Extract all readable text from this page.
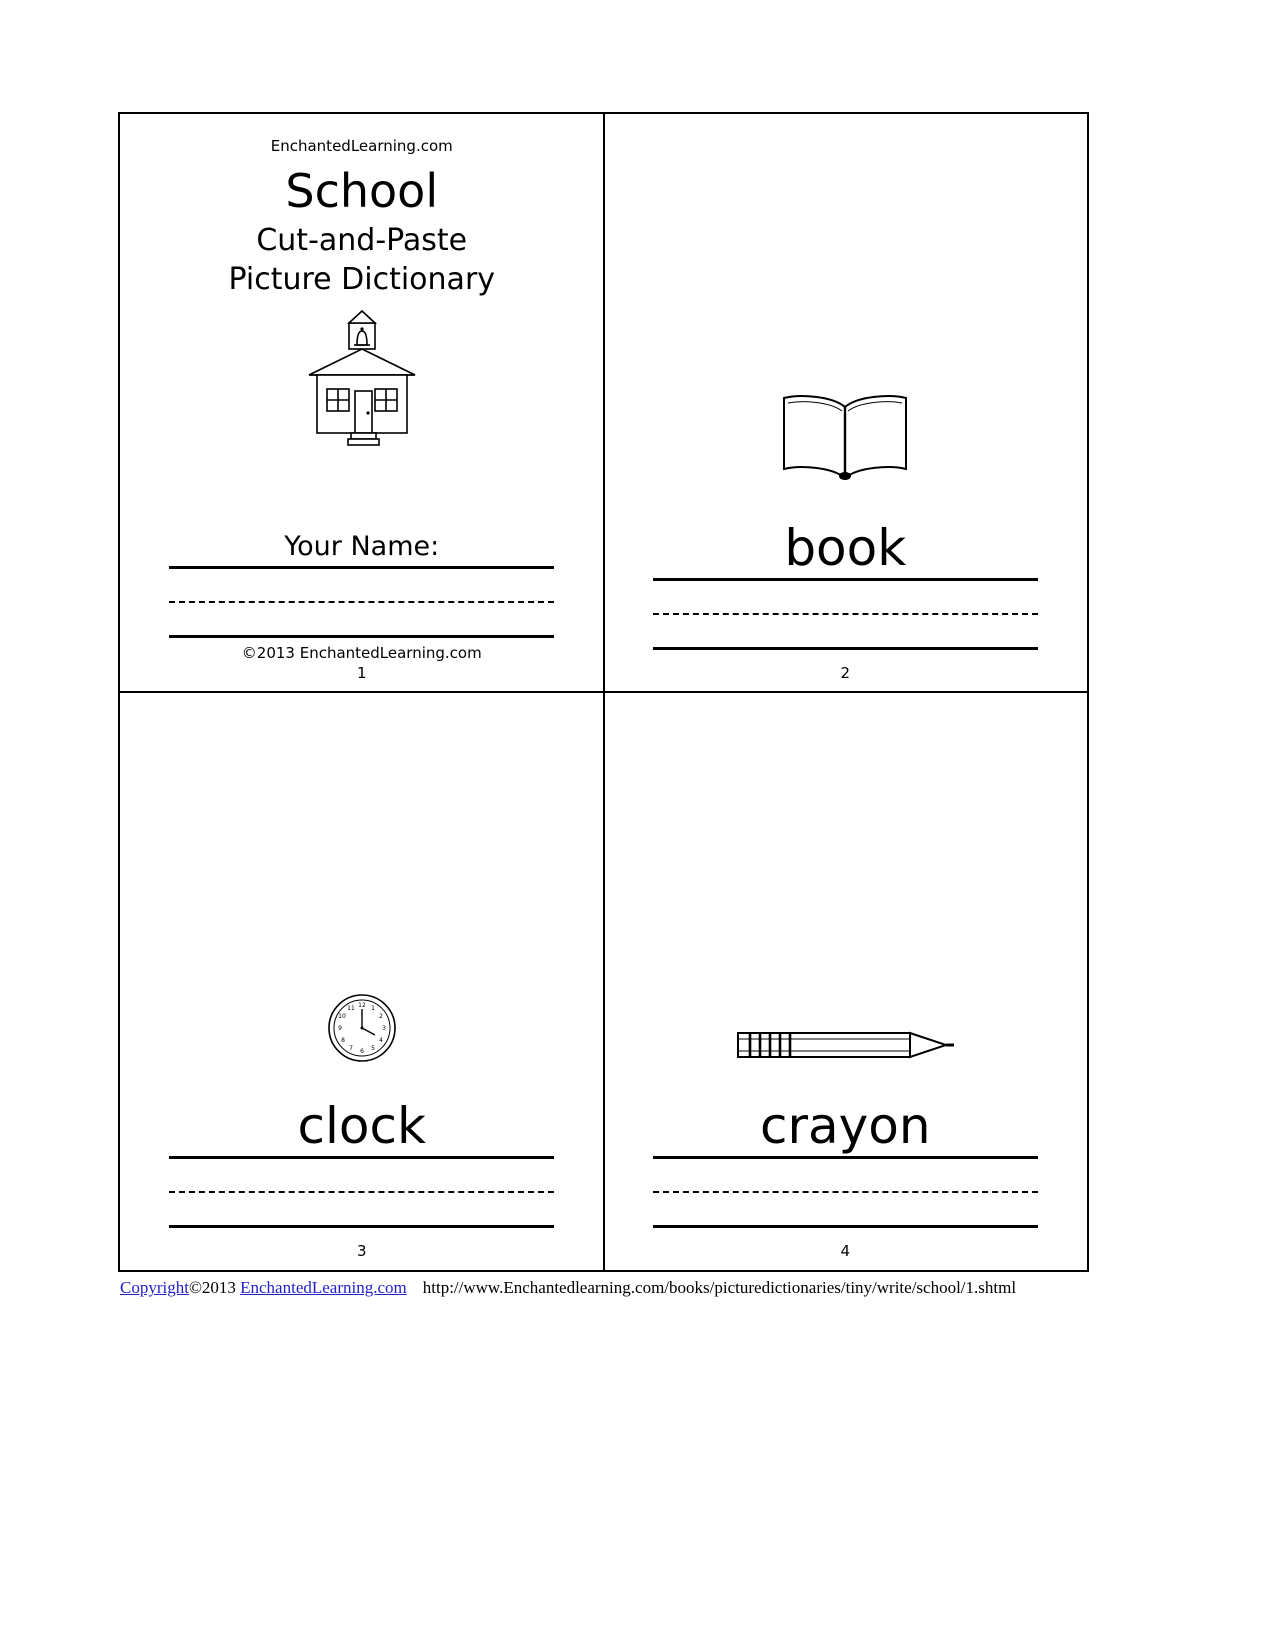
EnchantedLearning.com
School
Cut-and-Paste
Picture Dictionary
Your Name:
©2013 EnchantedLearning.com
1
book
2
12 1
2
3
4
5
6
7
8
9
10
11
clock
3
crayon
4
Copyright©2013 EnchantedLearning.com http://www.Enchantedlearning.com/books/picturedictionaries/tiny/write/school/1.shtml
